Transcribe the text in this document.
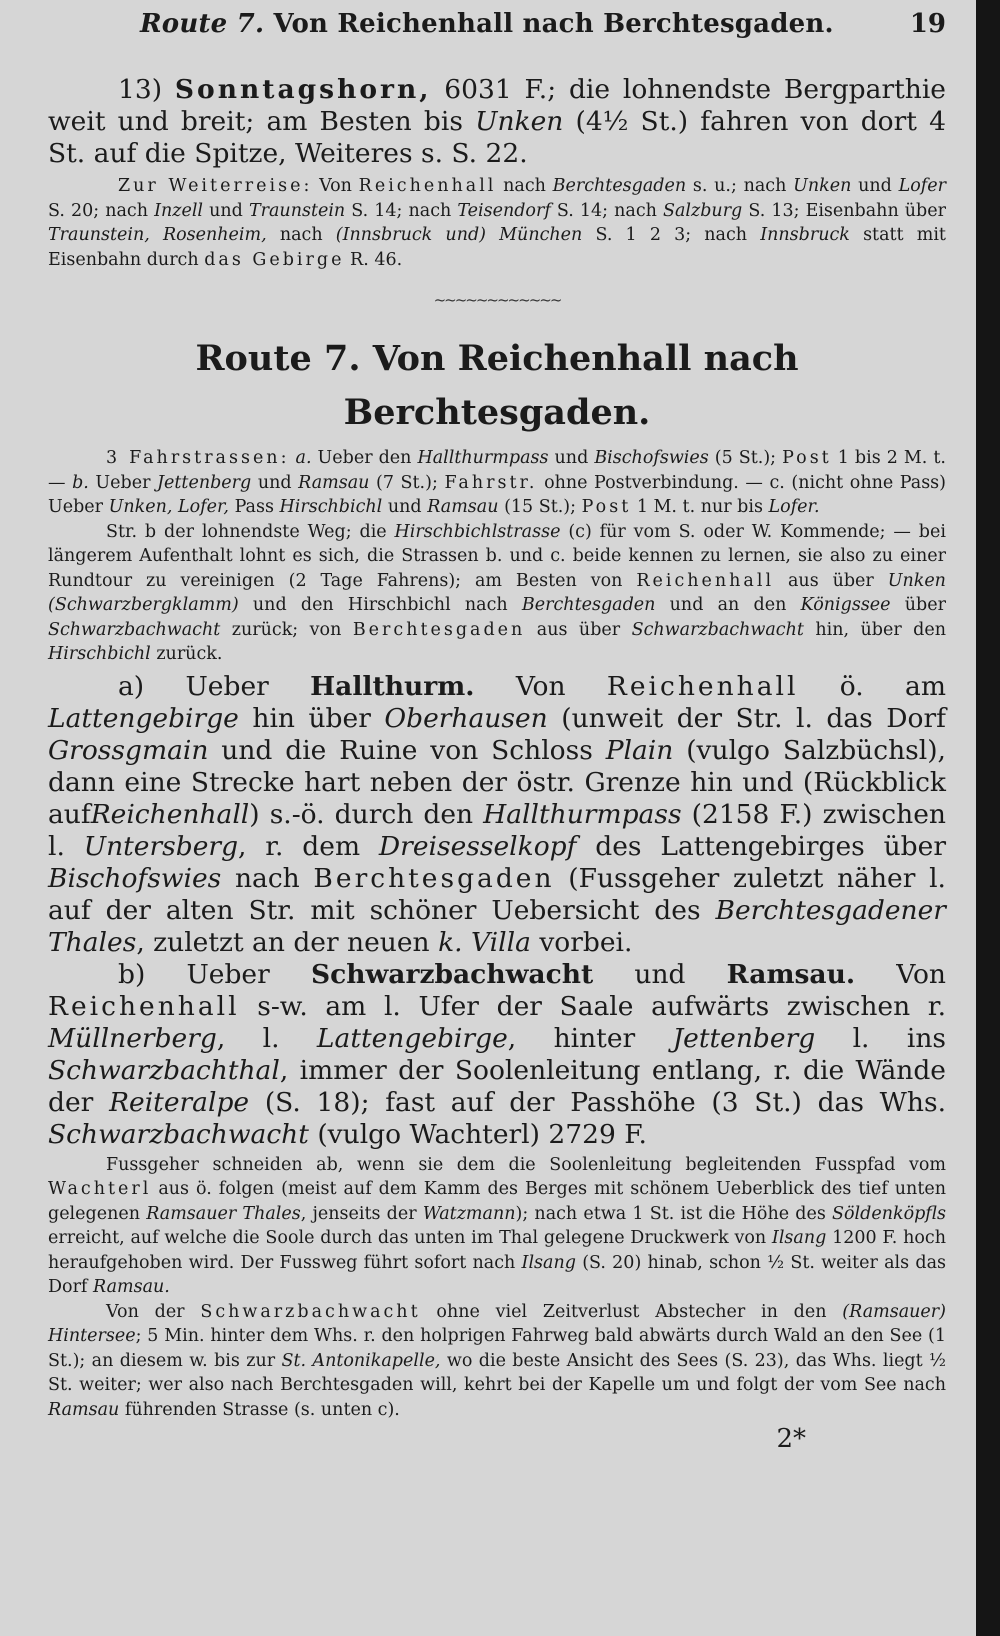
Route 7. Von Reichenhall nach Berchtesgaden.	19

13) Sonntagshorn, 6031 F.; die lohnendste Bergparthie weit und breit; am Besten bis Unken (4½ St.) fahren von dort 4 St. auf die Spitze, Weiteres s. S. 22.

Zur Weiterreise: Von Reichenhall nach Berchtesgaden s. u.; nach Unken und Lofer S. 20; nach Inzell und Traunstein S. 14; nach Teisendorf S. 14; nach Salzburg S. 13; Eisenbahn über Traunstein, Rosenheim, nach (Innsbruck und) München S. 1 2 3; nach Innsbruck statt mit Eisenbahn durch das Gebirge R. 46.

~~~~~~~~~~~~
Route 7. Von Reichenhall nach Berchtesgaden.

3 Fahrstrassen: a. Ueber den Hallthurmpass und Bischofswies (5 St.); Post 1 bis 2 M. t. — b. Ueber Jettenberg und Ramsau (7 St.); Fahrstr. ohne Postverbindung. — c. (nicht ohne Pass) Ueber Unken, Lofer, Pass Hirschbichl und Ramsau (15 St.); Post 1 M. t. nur bis Lofer.

Str. b der lohnendste Weg; die Hirschbichlstrasse (c) für vom S. oder W. Kommende; — bei längerem Aufenthalt lohnt es sich, die Strassen b. und c. beide kennen zu lernen, sie also zu einer Rundtour zu vereinigen (2 Tage Fahrens); am Besten von Reichenhall aus über Unken (Schwarzbergklamm) und den Hirschbichl nach Berchtesgaden und an den Königssee über Schwarzbachwacht zurück; von Berchtesgaden aus über Schwarzbachwacht hin, über den Hirschbichl zurück.

a) Ueber Hallthurm. Von Reichenhall ö. am Lattengebirge hin über Oberhausen (unweit der Str. l. das Dorf Grossgmain und die Ruine von Schloss Plain (vulgo Salzbüchsl), dann eine Strecke hart neben der östr. Grenze hin und (Rückblick aufReichenhall) s.-ö. durch den Hallthurmpass (2158 F.) zwischen l. Untersberg, r. dem Dreisesselkopf des Lattengebirges über Bischofswies nach Berchtesgaden (Fussgeher zuletzt näher l. auf der alten Str. mit schöner Uebersicht des Berchtesgadener Thales, zuletzt an der neuen k. Villa vorbei.

b) Ueber Schwarzbachwacht und Ramsau. Von Reichenhall s-w. am l. Ufer der Saale aufwärts zwischen r. Müllnerberg, l. Lattengebirge, hinter Jettenberg l. ins Schwarzbachthal, immer der Soolenleitung entlang, r. die Wände der Reiteralpe (S. 18); fast auf der Passhöhe (3 St.) das Whs. Schwarzbachwacht (vulgo Wachterl) 2729 F.

Fussgeher schneiden ab, wenn sie dem die Soolenleitung begleitenden Fusspfad vom Wachterl aus ö. folgen (meist auf dem Kamm des Berges mit schönem Ueberblick des tief unten gelegenen Ramsauer Thales, jenseits der Watzmann); nach etwa 1 St. ist die Höhe des Söldenköpfls erreicht, auf welche die Soole durch das unten im Thal gelegene Druckwerk von Ilsang 1200 F. hoch heraufgehoben wird. Der Fussweg führt sofort nach Ilsang (S. 20) hinab, schon ½ St. weiter als das Dorf Ramsau.

Von der Schwarzbachwacht ohne viel Zeitverlust Abstecher in den (Ramsauer) Hintersee; 5 Min. hinter dem Whs. r. den holprigen Fahrweg bald abwärts durch Wald an den See (1 St.); an diesem w. bis zur St. Antonikapelle, wo die beste Ansicht des Sees (S. 23), das Whs. liegt ½ St. weiter; wer also nach Berchtesgaden will, kehrt bei der Kapelle um und folgt der vom See nach Ramsau führenden Strasse (s. unten c).

2*
